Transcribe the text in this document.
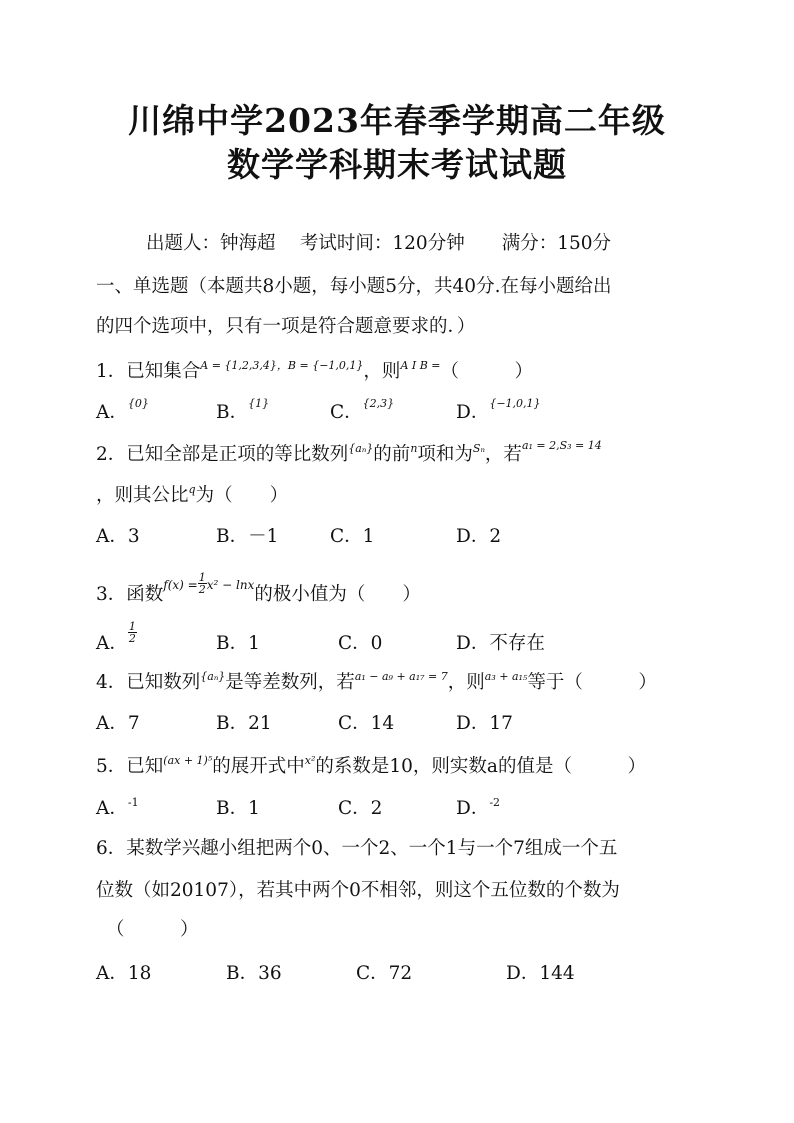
川绵中学2023年春季学期高二年级
数学学科期末考试试题
出题人：钟海超　 考试时间：120分钟　　满分：150分
一、单选题（本题共8小题，每小题5分，共40分.在每小题给出
的四个选项中，只有一项是符合题意要求的．）
1．已知集合$^{A = \{1,2,3,4\},B = \{-1,0,1\}}$，则$^{A I B =}$（　　　）
A．$^{\{0\}}$	B．$^{\{1\}}$	C．$^{\{2,3\}}$	D．$^{\{-1,0,1\}}$
2．已知全部是正项的等比数列$^{\{a_n\}}$的前$^n$项和为$^{S_n}$，若$^{a_1 = 2,S_3 = 14}$
，则其公比$^q$为（　　）
A．3	B．－1	C．1	D．2
3．函数$^{f(x) =} \frac{1}{2} ^{x^2 - lnx}$的极小值为（　　）
A． $\frac{1}{2}$	B．1	C．0	D．不存在
4．已知数列$^{\{a_n\}}$是等差数列，若$^{a_1 - a_9 + a_{17} = 7}$，则$^{a_3 + a_{15}}$等于（　　　）
A．7	B．21	C．14	D．17
5．已知$^{(ax + 1)^5}$的展开式中$^{x^2}$的系数是10，则实数a的值是（　　　）
A．$^{-1}$	B．1	C．2	D．$^{-2}$
6．某数学兴趣小组把两个0、一个2、一个1与一个7组成一个五
位数（如20107），若其中两个0不相邻，则这个五位数的个数为
（　　　）
A．18	B．36	C．72	D．144
